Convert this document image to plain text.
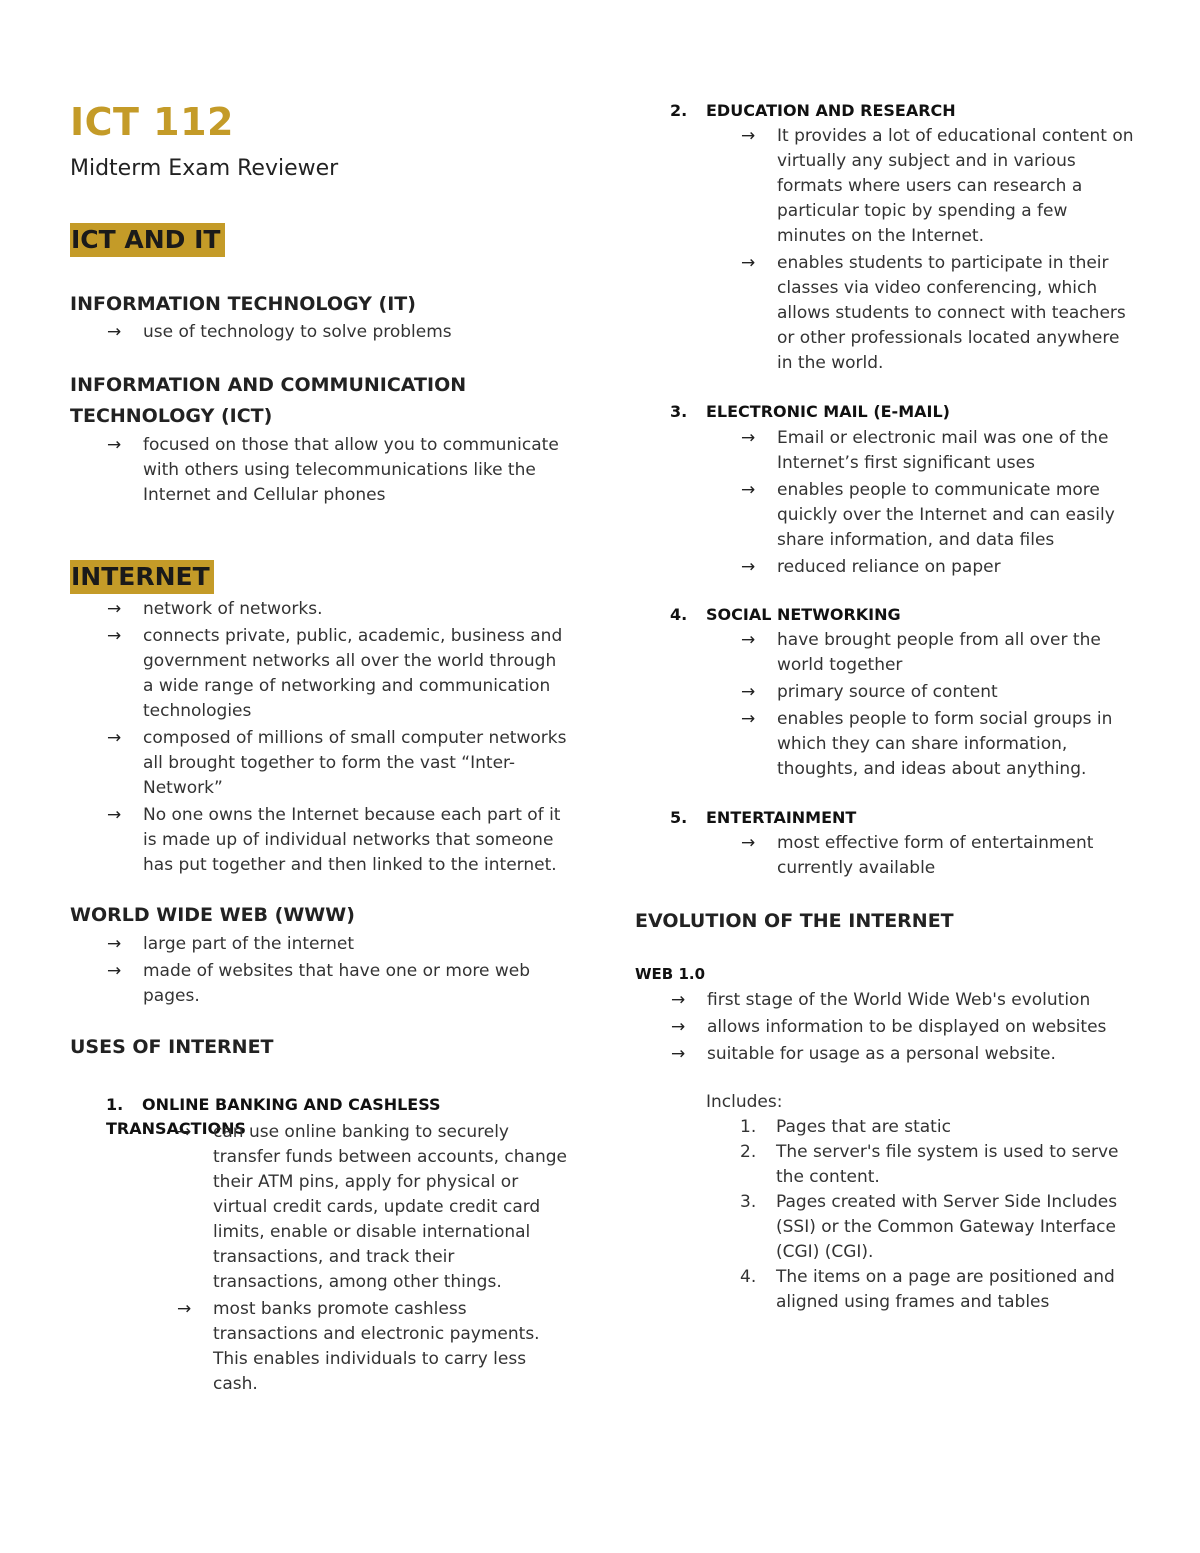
ICT 112
Midterm Exam Reviewer
ICT AND IT
INFORMATION TECHNOLOGY (IT)
→ use of technology to solve problems
INFORMATION AND COMMUNICATION
TECHNOLOGY (ICT)
→ focused on those that allow you to communicate with others using telecommunications like the Internet and Cellular phones
INTERNET
→ network of networks.
→ connects private, public, academic, business and government networks all over the world through a wide range of networking and communication technologies
→ composed of millions of small computer networks all brought together to form the vast “Inter-Network”
→ No one owns the Internet because each part of it is made up of individual networks that someone has put together and then linked to the internet.
WORLD WIDE WEB (WWW)
→ large part of the internet
→ made of websites that have one or more web pages.
USES OF INTERNET
1. ONLINE BANKING AND CASHLESS TRANSACTIONS
→ can use online banking to securely transfer funds between accounts, change their ATM pins, apply for physical or virtual credit cards, update credit card limits, enable or disable international transactions, and track their transactions, among other things.
→ most banks promote cashless transactions and electronic payments. This enables individuals to carry less cash.
2. EDUCATION AND RESEARCH
→ It provides a lot of educational content on virtually any subject and in various formats where users can research a particular topic by spending a few minutes on the Internet.
→ enables students to participate in their classes via video conferencing, which allows students to connect with teachers or other professionals located anywhere in the world.
3. ELECTRONIC MAIL (E-MAIL)
→ Email or electronic mail was one of the Internet’s first significant uses
→ enables people to communicate more quickly over the Internet and can easily share information, and data files
→ reduced reliance on paper
4. SOCIAL NETWORKING
→ have brought people from all over the world together
→ primary source of content
→ enables people to form social groups in which they can share information, thoughts, and ideas about anything.
5. ENTERTAINMENT
→ most effective form of entertainment currently available
EVOLUTION OF THE INTERNET
WEB 1.0
→ first stage of the World Wide Web's evolution
→ allows information to be displayed on websites
→ suitable for usage as a personal website.
Includes:
1. Pages that are static
2. The server's file system is used to serve the content.
3. Pages created with Server Side Includes (SSI) or the Common Gateway Interface (CGI) (CGI).
4. The items on a page are positioned and aligned using frames and tables
